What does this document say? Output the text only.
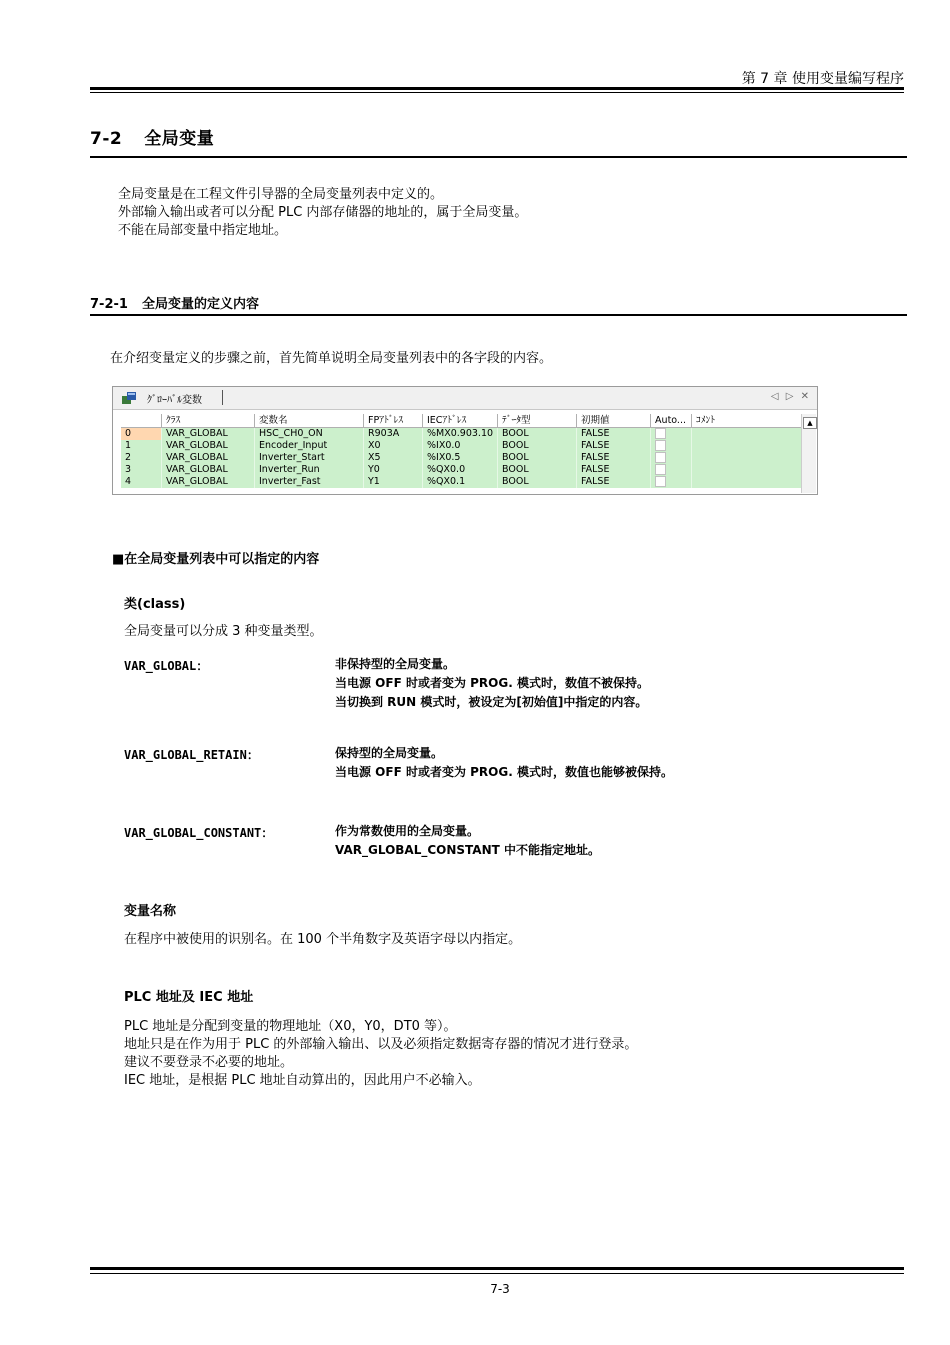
第 7 章 使用变量编写程序
7-2 全局变量
全局变量是在工程文件引导器的全局变量列表中定义的。
外部输入输出或者可以分配 PLC 内部存储器的地址的，属于全局变量。
不能在局部变量中指定地址。
7-2-1 全局变量的定义内容
在介绍变量定义的步骤之前，首先简单说明全局变量列表中的各字段的内容。
ｸﾞﾛｰﾊﾞﾙ変数	◁ ▷ ✕
	ｸﾗｽ	変数名	FPｱﾄﾞﾚｽ	IECｱﾄﾞﾚｽ	ﾃﾞｰﾀ型	初期値	Auto...	ｺﾒﾝﾄ
0	VAR_GLOBAL	HSC_CH0_ON	R903A	%MX0.903.10	BOOL	FALSE		
1	VAR_GLOBAL	Encoder_Input	X0	%IX0.0	BOOL	FALSE		
2	VAR_GLOBAL	Inverter_Start	X5	%IX0.5	BOOL	FALSE		
3	VAR_GLOBAL	Inverter_Run	Y0	%QX0.0	BOOL	FALSE		
4	VAR_GLOBAL	Inverter_Fast	Y1	%QX0.1	BOOL	FALSE		
▲
■在全局变量列表中可以指定的内容
类(class)
全局变量可以分成 3 种变量类型。
VAR_GLOBAL：	非保持型的全局变量。
当电源 OFF 时或者变为 PROG. 模式时，数值不被保持。
当切换到 RUN 模式时，被设定为[初始值]中指定的内容。
VAR_GLOBAL_RETAIN：	保持型的全局变量。
当电源 OFF 时或者变为 PROG. 模式时，数值也能够被保持。
VAR_GLOBAL_CONSTANT：	作为常数使用的全局变量。
VAR_GLOBAL_CONSTANT 中不能指定地址。
变量名称
在程序中被使用的识别名。在 100 个半角数字及英语字母以内指定。
PLC 地址及 IEC 地址
PLC 地址是分配到变量的物理地址（X0，Y0，DT0 等）。
地址只是在作为用于 PLC 的外部输入输出、以及必须指定数据寄存器的情况才进行登录。
建议不要登录不必要的地址。
IEC 地址，是根据 PLC 地址自动算出的，因此用户不必输入。
7-3
